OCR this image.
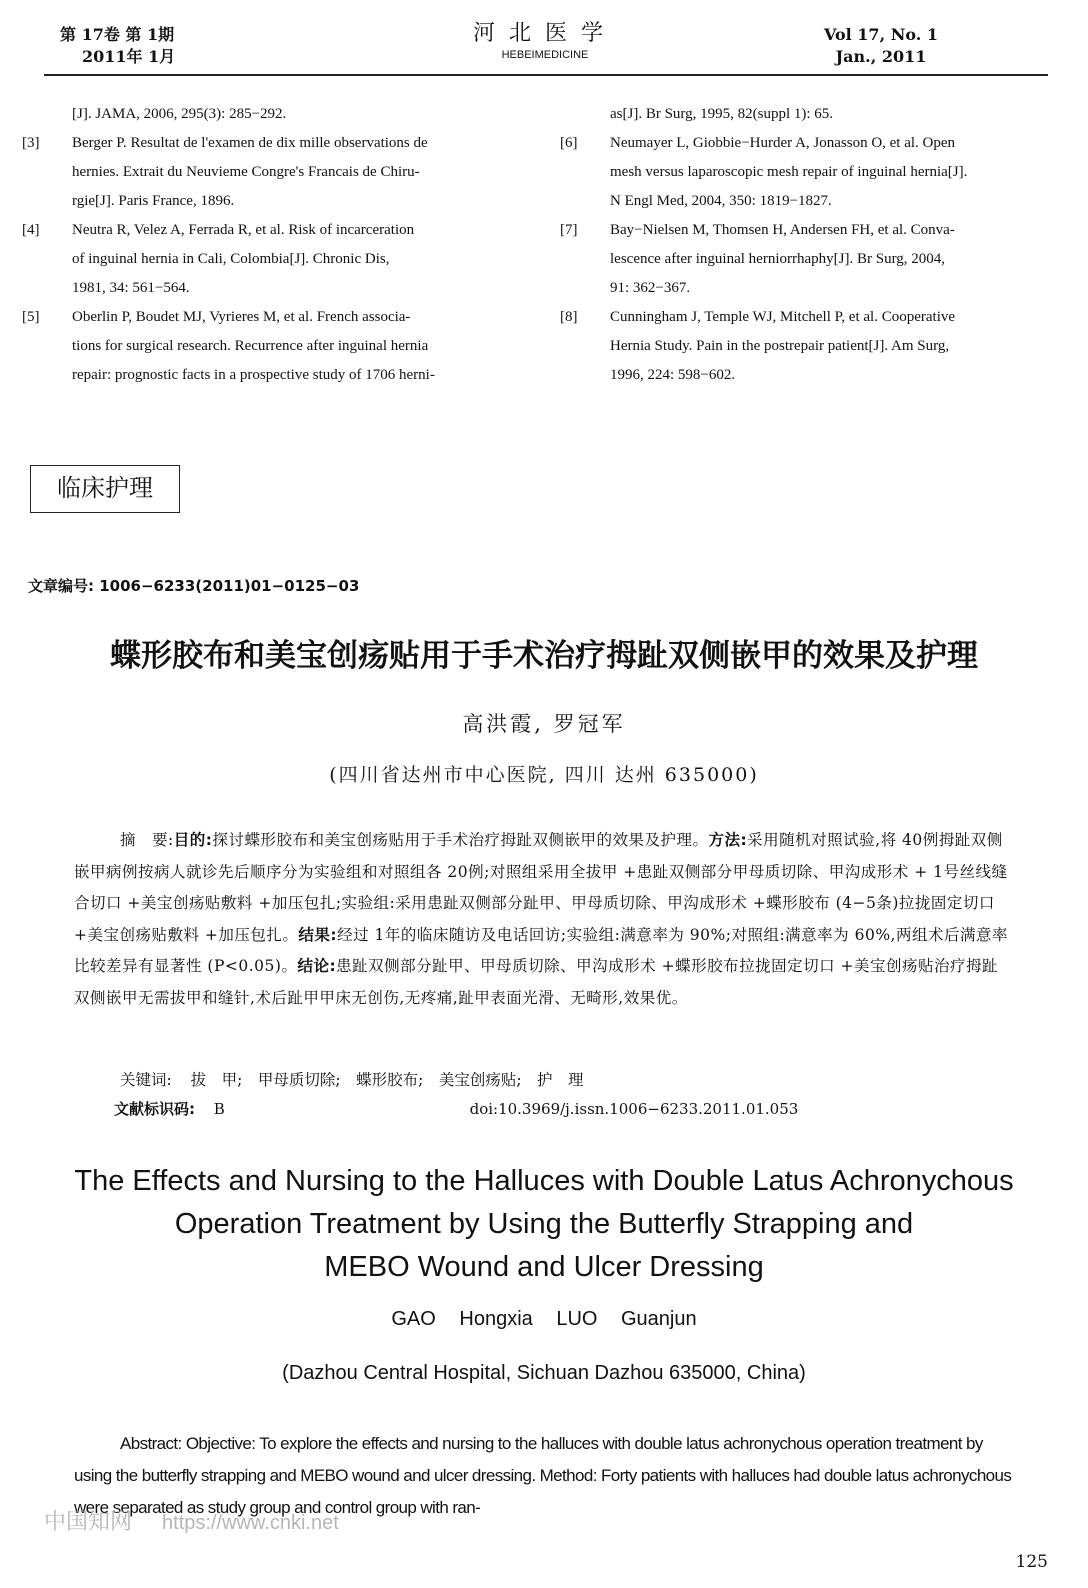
第 17卷 第 1期
2011年 1月
河北医学
HEBEIMEDICINE
Vol 17, No. 1
Jan., 2011
[J]. JAMA, 2006, 295(3): 285−292.
[3]	Berger P. Resultat de l'examen de dix mille observations de
hernies. Extrait du Neuvieme Congre's Francais de Chiru-
rgie[J]. Paris France, 1896.
[4]	Neutra R, Velez A, Ferrada R, et al. Risk of incarceration
of inguinal hernia in Cali, Colombia[J]. Chronic Dis,
1981, 34: 561−564.
[5]	Oberlin P, Boudet MJ, Vyrieres M, et al. French associa-
tions for surgical research. Recurrence after inguinal hernia
repair: prognostic facts in a prospective study of 1706 herni-
as[J]. Br Surg, 1995, 82(suppl 1): 65.
[6]	Neumayer L, Giobbie−Hurder A, Jonasson O, et al. Open
mesh versus laparoscopic mesh repair of inguinal hernia[J].
N Engl Med, 2004, 350: 1819−1827.
[7]	Bay−Nielsen M, Thomsen H, Andersen FH, et al. Conva-
lescence after inguinal herniorrhaphy[J]. Br Surg, 2004,
91: 362−367.
[8]	Cunningham J, Temple WJ, Mitchell P, et al. Cooperative
Hernia Study. Pain in the postrepair patient[J]. Am Surg,
1996, 224: 598−602.
临床护理
文章编号: 1006−6233(2011)01−0125−03
蝶形胶布和美宝创疡贴用于手术治疗拇趾双侧嵌甲的效果及护理
高洪霞, 罗冠军
(四川省达州市中心医院, 四川 达州 635000)
摘　要:目的:探讨蝶形胶布和美宝创疡贴用于手术治疗拇趾双侧嵌甲的效果及护理。方法:采用随机对照试验,将 40例拇趾双侧嵌甲病例按病人就诊先后顺序分为实验组和对照组各 20例;对照组采用全拔甲 +患趾双侧部分甲母质切除、甲沟成形术 + 1号丝线缝合切口 +美宝创疡贴敷料 +加压包扎;实验组:采用患趾双侧部分趾甲、甲母质切除、甲沟成形术 +蝶形胶布 (4−5条)拉拢固定切口 +美宝创疡贴敷料 +加压包扎。结果:经过 1年的临床随访及电话回访;实验组:满意率为 90%;对照组:满意率为 60%,两组术后满意率比较差异有显著性 (P<0.05)。结论:患趾双侧部分趾甲、甲母质切除、甲沟成形术 +蝶形胶布拉拢固定切口 +美宝创疡贴治疗拇趾双侧嵌甲无需拔甲和缝针,术后趾甲甲床无创伤,无疼痛,趾甲表面光滑、无畸形,效果优。
关键词: 拔　甲;　甲母质切除;　蝶形胶布;　美宝创疡贴;　护　理
文献标识码: B	doi:10.3969/j.issn.1006−6233.2011.01.053
The Effects and Nursing to the Halluces with Double Latus Achronychous
Operation Treatment by Using the Butterfly Strapping and
MEBO Wound and Ulcer Dressing
GAO Hongxia LUO Guanjun
(Dazhou Central Hospital, Sichuan Dazhou 635000, China)
Abstract: Objective: To explore the effects and nursing to the halluces with double latus achronychous operation treatment by using the butterfly strapping and MEBO wound and ulcer dressing. Method: Forty patients with halluces had double latus achronychous were separated as study group and control group with ran-
中国知网 https://www.cnki.net
125
